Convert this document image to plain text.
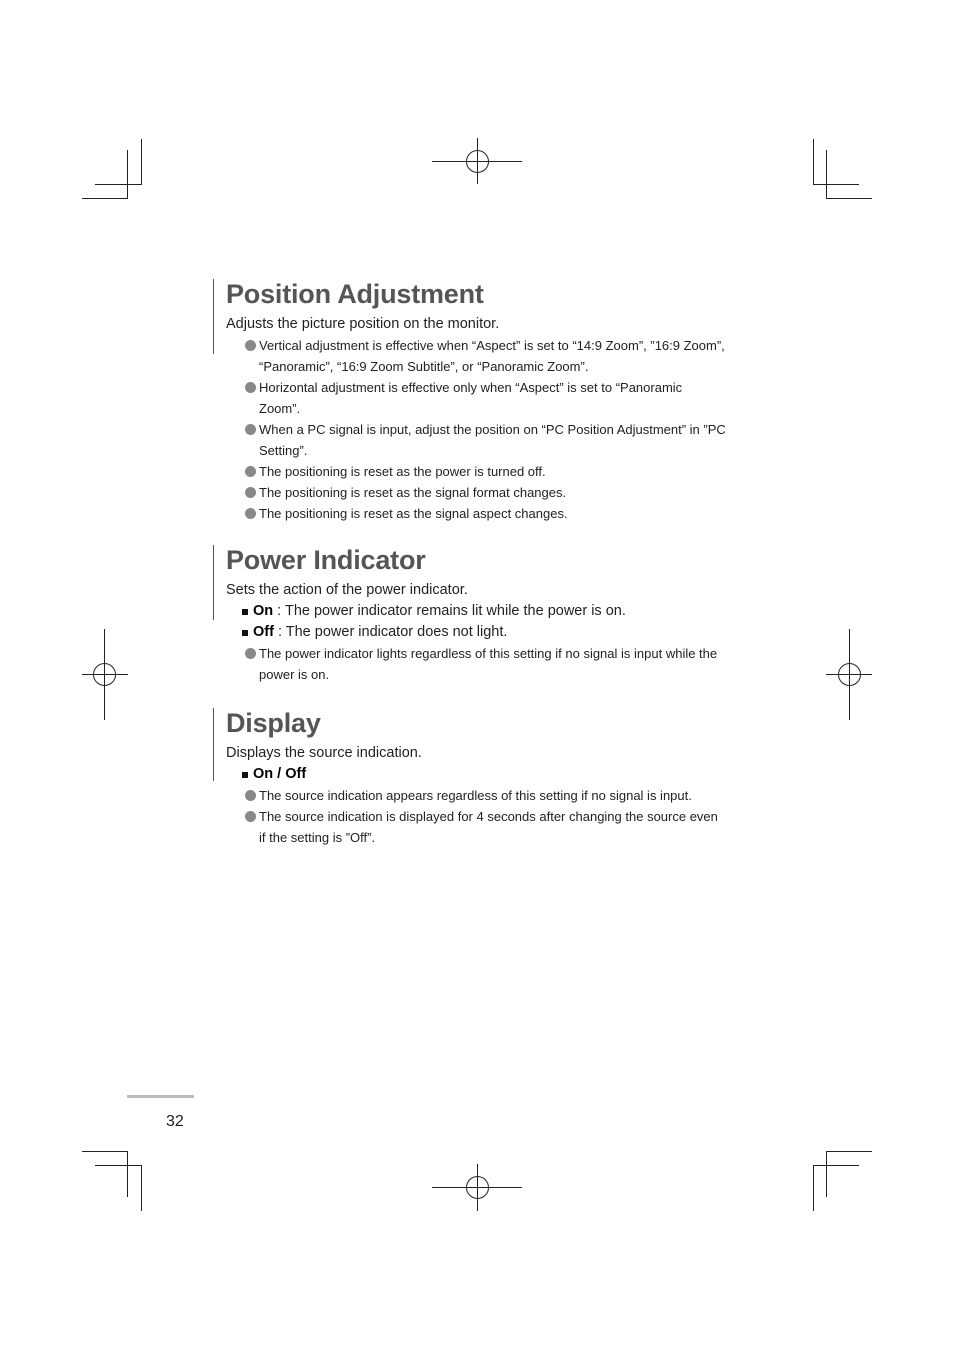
Position Adjustment

Adjusts the picture position on the monitor.

Vertical adjustment is effective when “Aspect” is set to “14:9 Zoom”, ”16:9 Zoom”, “Panoramic”, “16:9 Zoom Subtitle”, or “Panoramic Zoom”.
Horizontal adjustment is effective only when “Aspect” is set to “Panoramic Zoom”.
When a PC signal is input, adjust the position on “PC Position Adjustment” in ”PC Setting”.
The positioning is reset as the power is turned off.
The positioning is reset as the signal format changes.
The positioning is reset as the signal aspect changes.
Power Indicator

Sets the action of the power indicator.

On : The power indicator remains lit while the power is on.
Off : The power indicator does not light.
The power indicator lights regardless of this setting if no signal is input while the power is on.
Display

Displays the source indication.

On / Off
The source indication appears regardless of this setting if no signal is input.
The source indication is displayed for 4 seconds after changing the source even if the setting is ”Off”.
32
